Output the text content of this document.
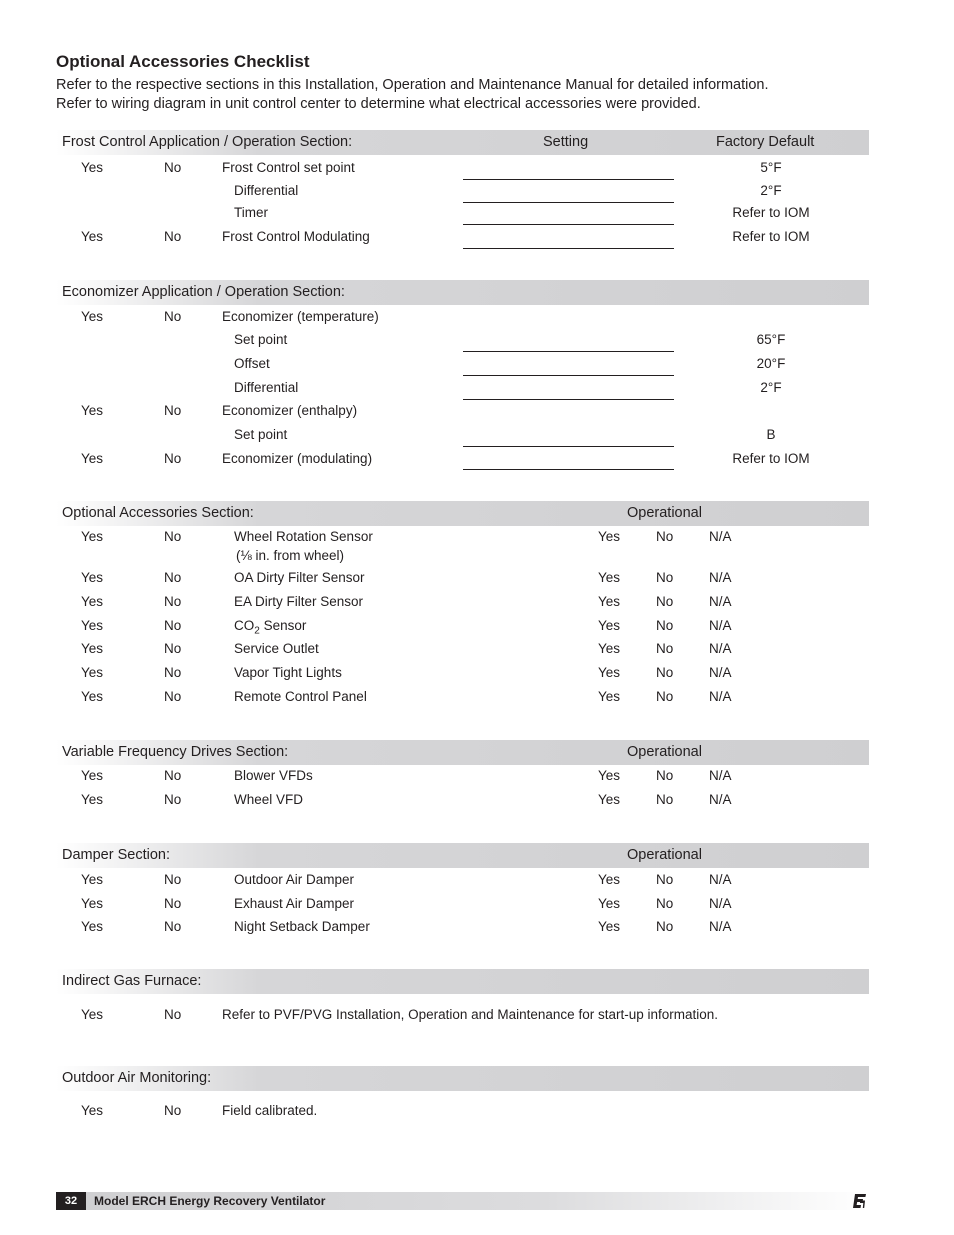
Optional Accessories Checklist
Refer to the respective sections in this Installation, Operation and Maintenance Manual for detailed information.
Refer to wiring diagram in unit control center to determine what electrical accessories were provided.
Frost Control Application / Operation Section:	Setting	Factory Default
Yes	No	Frost Control set point	5°F
Differential	2°F
Timer	Refer to IOM
Yes	No	Frost Control Modulating	Refer to IOM
Economizer Application / Operation Section:
Yes	No	Economizer (temperature)
Set point	65°F
Offset	20°F
Differential	2°F
Yes	No	Economizer (enthalpy)
Set point	B
Yes	No	Economizer (modulating)	Refer to IOM
Optional Accessories Section:	Operational
Yes	No	Wheel Rotation Sensor	Yes	No	N/A
(⅛ in. from wheel)
Yes	No	OA Dirty Filter Sensor	Yes	No	N/A
Yes	No	EA Dirty Filter Sensor	Yes	No	N/A
Yes	No	$CO_2$ Sensor	Yes	No	N/A
Yes	No	Service Outlet	Yes	No	N/A
Yes	No	Vapor Tight Lights	Yes	No	N/A
Yes	No	Remote Control Panel	Yes	No	N/A
Variable Frequency Drives Section:	Operational
Yes	No	Blower VFDs	Yes	No	N/A
Yes	No	Wheel VFD	Yes	No	N/A
Damper Section:	Operational
Yes	No	Outdoor Air Damper	Yes	No	N/A
Yes	No	Exhaust Air Damper	Yes	No	N/A
Yes	No	Night Setback Damper	Yes	No	N/A
Indirect Gas Furnace:
Yes	No	Refer to PVF/PVG Installation, Operation and Maintenance for start-up information.
Outdoor Air Monitoring:
Yes	No	Field calibrated.
32	Model ERCH Energy Recovery Ventilator
